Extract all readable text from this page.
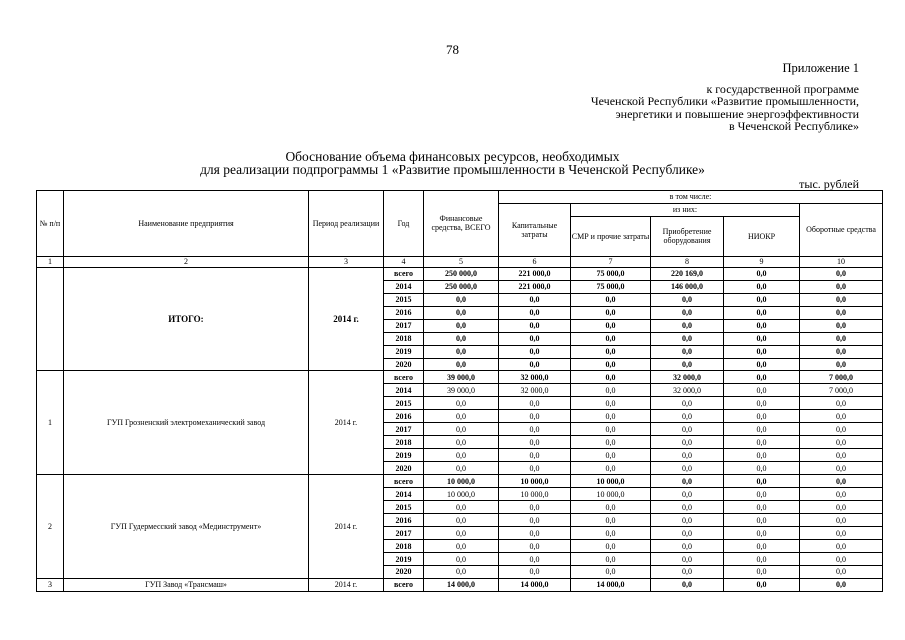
78
Приложение 1
к государственной программе
Чеченской Республики «Развитие промышленности,
энергетики и повышение энергоэффективности
в Чеченской Республике»
Обоснование объема финансовых ресурсов, необходимых
для реализации подпрограммы 1 «Развитие промышленности в Чеченской Республике»
тыс. рублей
№ п/п	Наименование предприятия	Период реализации	Год	Финансовые средства, ВСЕГО	в том числе:				
					Капитальные затраты	из них:			Оборотные средства
						СМР и прочие затраты	Приобретение оборудования	НИОКР	
1	2	3	4	5	6	7	8	9	10
	ИТОГО:	2014 г.	всего	250 000,0	221 000,0	75 000,0	220 169,0	0,0	0,0
			2014	250 000,0	221 000,0	75 000,0	146 000,0	0,0	0,0
			2015	0,0	0,0	0,0	0,0	0,0	0,0
			2016	0,0	0,0	0,0	0,0	0,0	0,0
			2017	0,0	0,0	0,0	0,0	0,0	0,0
			2018	0,0	0,0	0,0	0,0	0,0	0,0
			2019	0,0	0,0	0,0	0,0	0,0	0,0
			2020	0,0	0,0	0,0	0,0	0,0	0,0
1	ГУП Грозненский электромеханический завод	2014 г.	всего	39 000,0	32 000,0	0,0	32 000,0	0,0	7 000,0
			2014	39 000,0	32 000,0	0,0	32 000,0	0,0	7 000,0
			2015	0,0	0,0	0,0	0,0	0,0	0,0
			2016	0,0	0,0	0,0	0,0	0,0	0,0
			2017	0,0	0,0	0,0	0,0	0,0	0,0
			2018	0,0	0,0	0,0	0,0	0,0	0,0
			2019	0,0	0,0	0,0	0,0	0,0	0,0
			2020	0,0	0,0	0,0	0,0	0,0	0,0
2	ГУП Гудермесский завод «Мединструмент»	2014 г.	всего	10 000,0	10 000,0	10 000,0	0,0	0,0	0,0
			2014	10 000,0	10 000,0	10 000,0	0,0	0,0	0,0
			2015	0,0	0,0	0,0	0,0	0,0	0,0
			2016	0,0	0,0	0,0	0,0	0,0	0,0
			2017	0,0	0,0	0,0	0,0	0,0	0,0
			2018	0,0	0,0	0,0	0,0	0,0	0,0
			2019	0,0	0,0	0,0	0,0	0,0	0,0
			2020	0,0	0,0	0,0	0,0	0,0	0,0
3	ГУП Завод «Трансмаш»	2014 г.	всего	14 000,0	14 000,0	14 000,0	0,0	0,0	0,0
